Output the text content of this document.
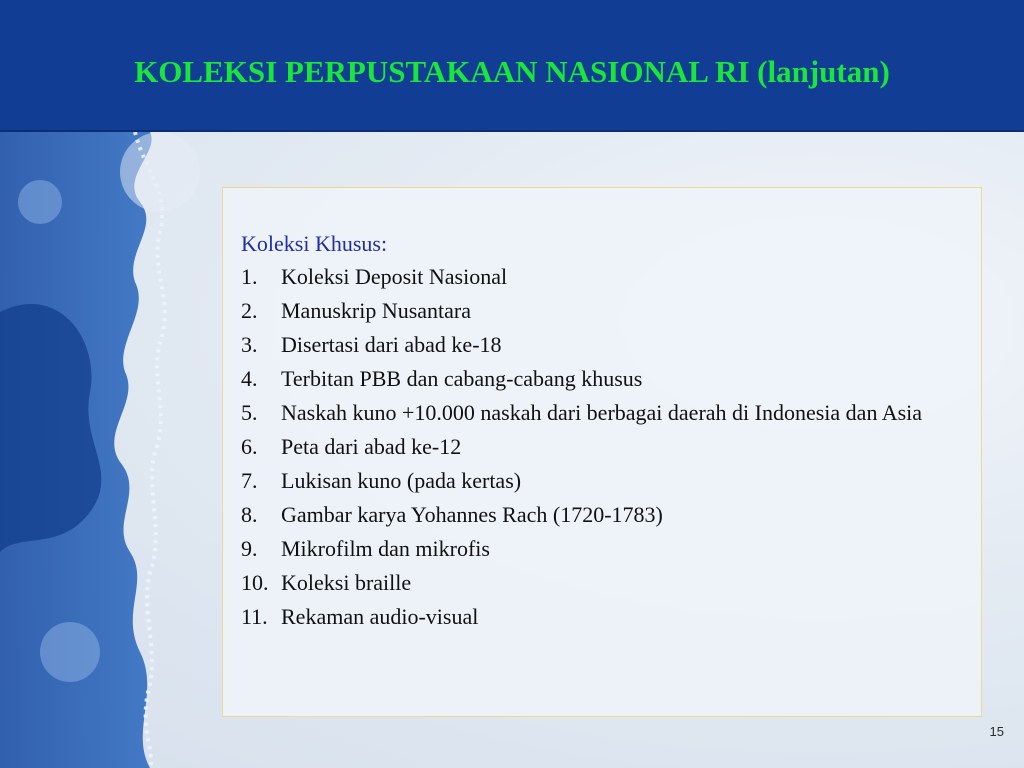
KOLEKSI PERPUSTAKAAN NASIONAL RI (lanjutan)
Koleksi Khusus:
1.	Koleksi Deposit Nasional
2.	Manuskrip Nusantara
3.	Disertasi dari abad ke-18
4.	Terbitan PBB dan cabang-cabang khusus
5.	Naskah kuno +10.000 naskah dari berbagai daerah di Indonesia dan Asia
6.	Peta dari abad ke-12
7.	Lukisan kuno (pada kertas)
8.	Gambar karya Yohannes Rach (1720-1783)
9.	Mikrofilm dan mikrofis
10. Koleksi braille
11. Rekaman audio-visual
15
